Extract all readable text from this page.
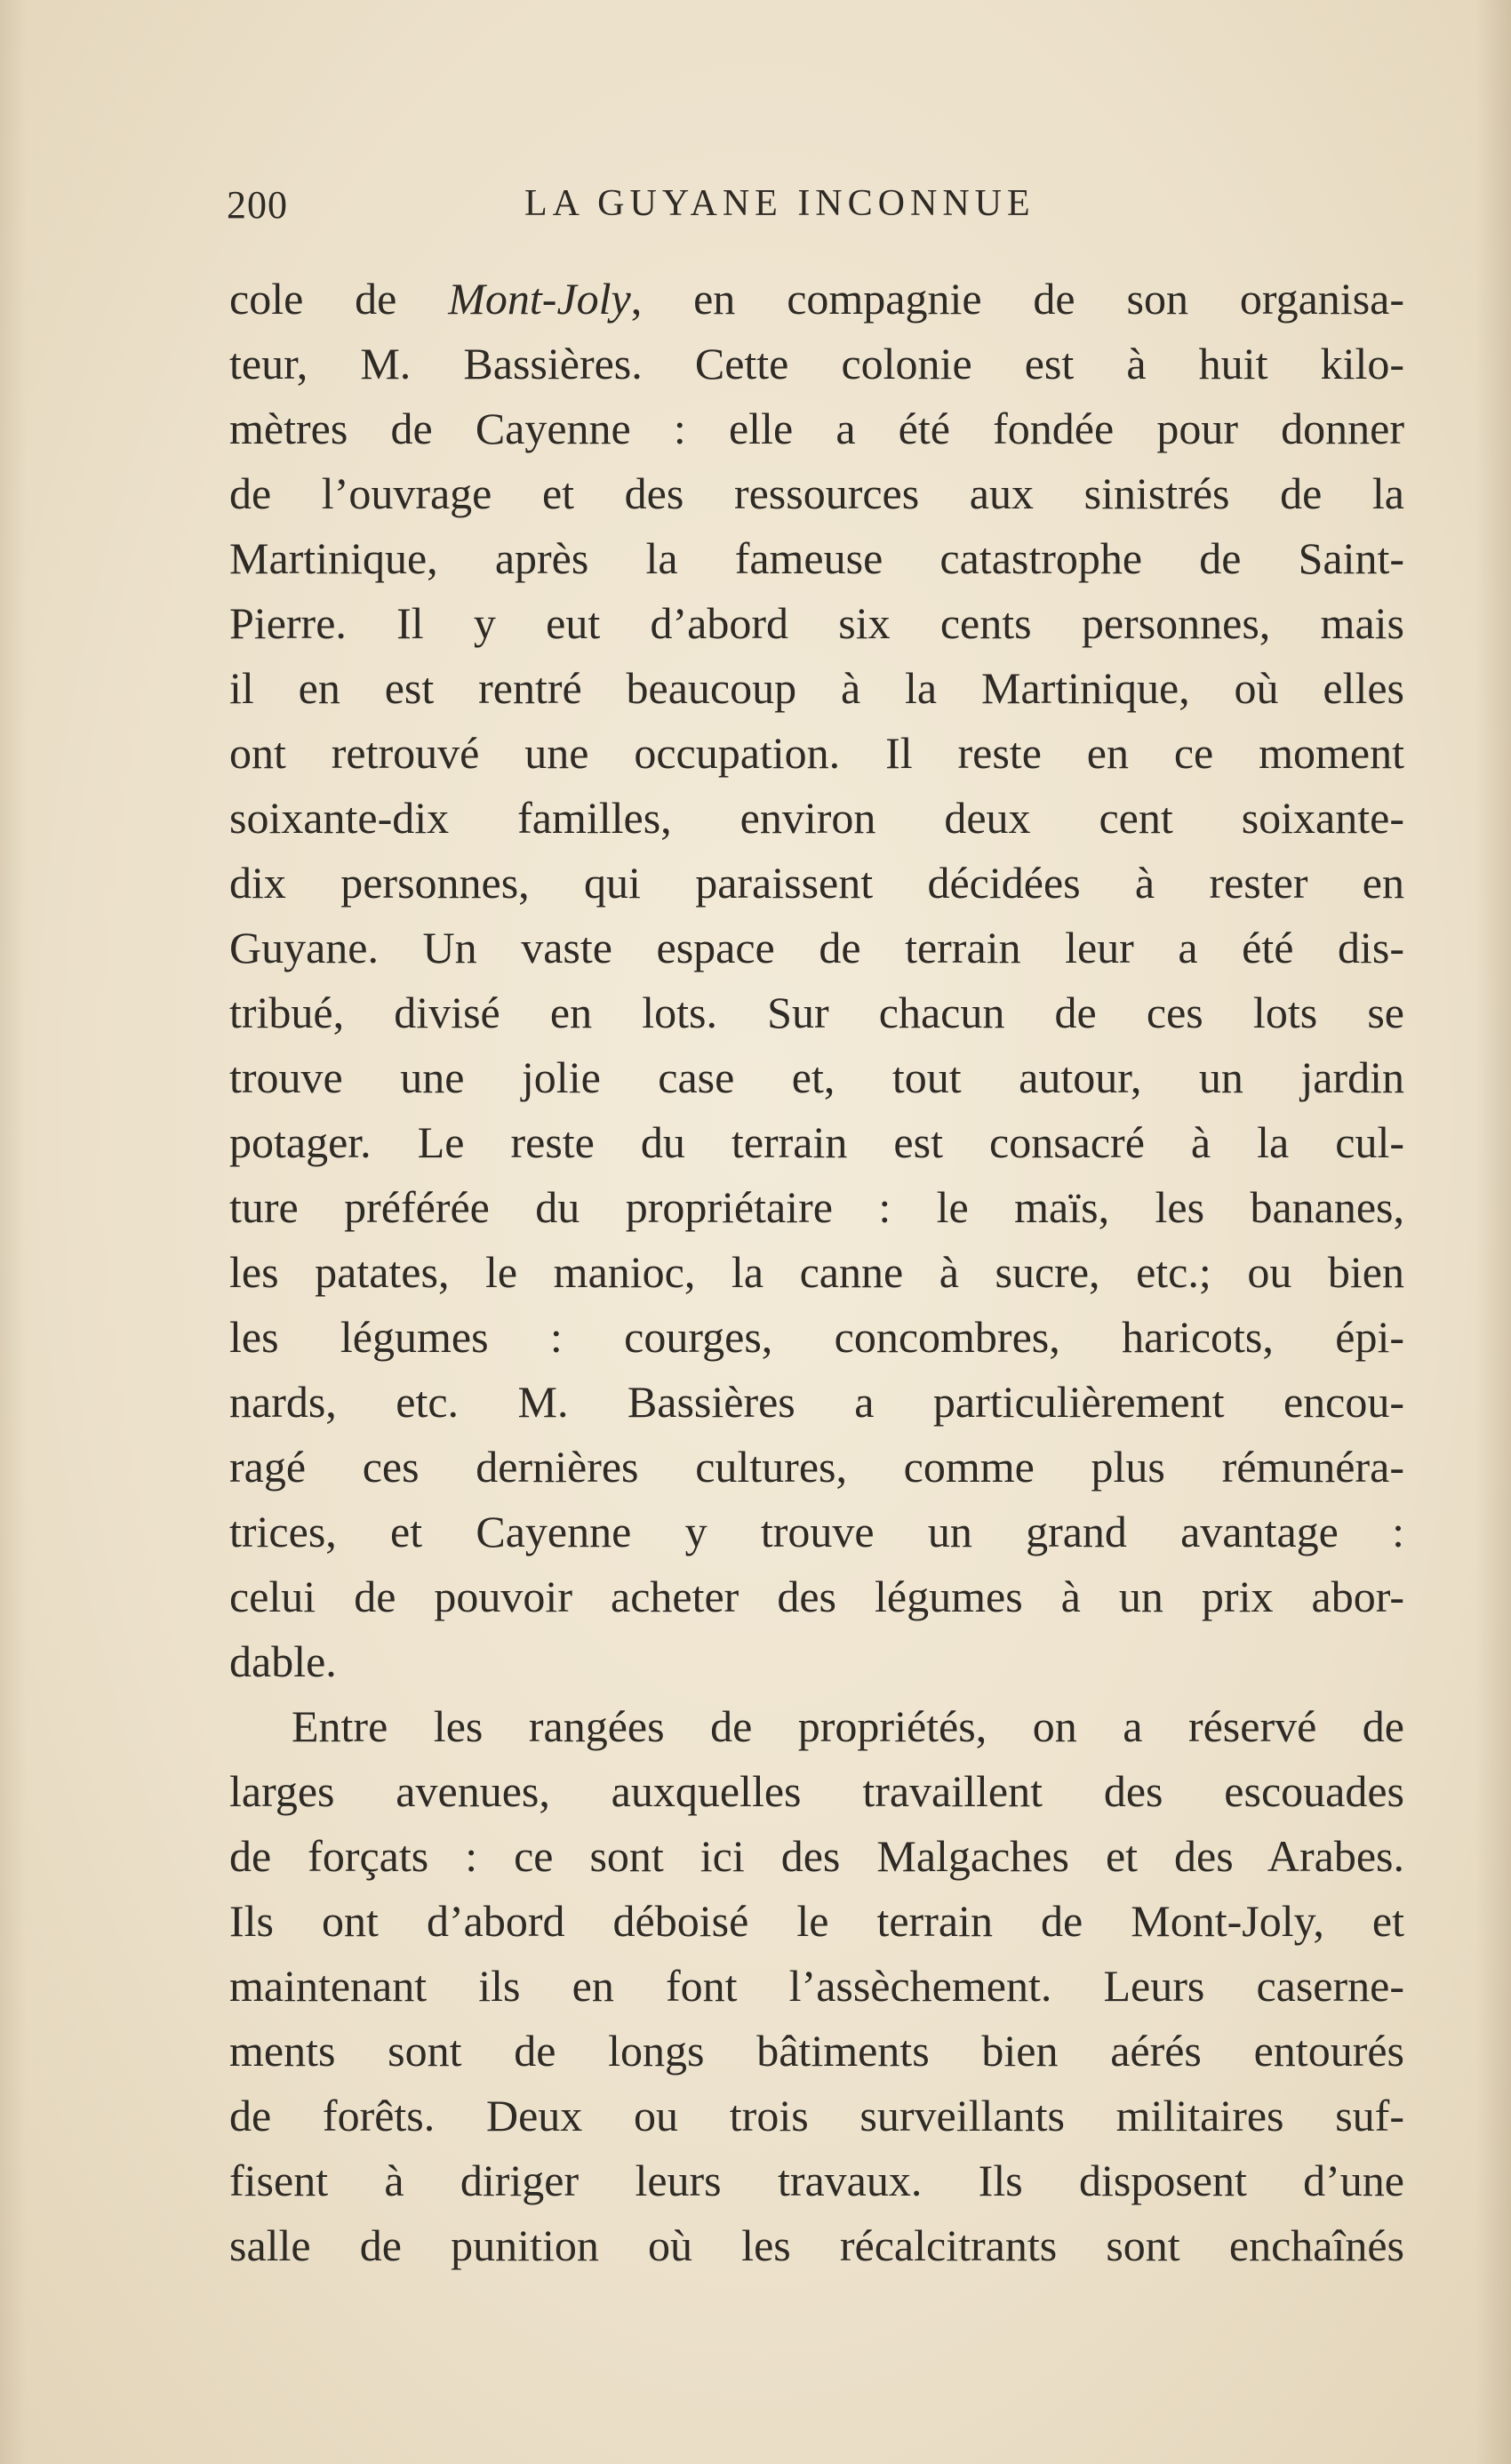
200	LA GUYANE INCONNUE
cole de Mont-Joly, en compagnie de son organisa-
teur, M. Bassières. Cette colonie est à huit kilo-
mètres de Cayenne : elle a été fondée pour donner
de l’ouvrage et des ressources aux sinistrés de la
Martinique, après la fameuse catastrophe de Saint-
Pierre. Il y eut d’abord six cents personnes, mais
il en est rentré beaucoup à la Martinique, où elles
ont retrouvé une occupation. Il reste en ce moment
soixante-dix familles, environ deux cent soixante-
dix personnes, qui paraissent décidées à rester en
Guyane. Un vaste espace de terrain leur a été dis-
tribué, divisé en lots. Sur chacun de ces lots se
trouve une jolie case et, tout autour, un jardin
potager. Le reste du terrain est consacré à la cul-
ture préférée du propriétaire : le maïs, les bananes,
les patates, le manioc, la canne à sucre, etc.; ou bien
les légumes : courges, concombres, haricots, épi-
nards, etc. M. Bassières a particulièrement encou-
ragé ces dernières cultures, comme plus rémunéra-
trices, et Cayenne y trouve un grand avantage :
celui de pouvoir acheter des légumes à un prix abor-
dable.
Entre les rangées de propriétés, on a réservé de
larges avenues, auxquelles travaillent des escouades
de forçats : ce sont ici des Malgaches et des Arabes.
Ils ont d’abord déboisé le terrain de Mont-Joly, et
maintenant ils en font l’assèchement. Leurs caserne-
ments sont de longs bâtiments bien aérés entourés
de forêts. Deux ou trois surveillants militaires suf-
fisent à diriger leurs travaux. Ils disposent d’une
salle de punition où les récalcitrants sont enchaînés
